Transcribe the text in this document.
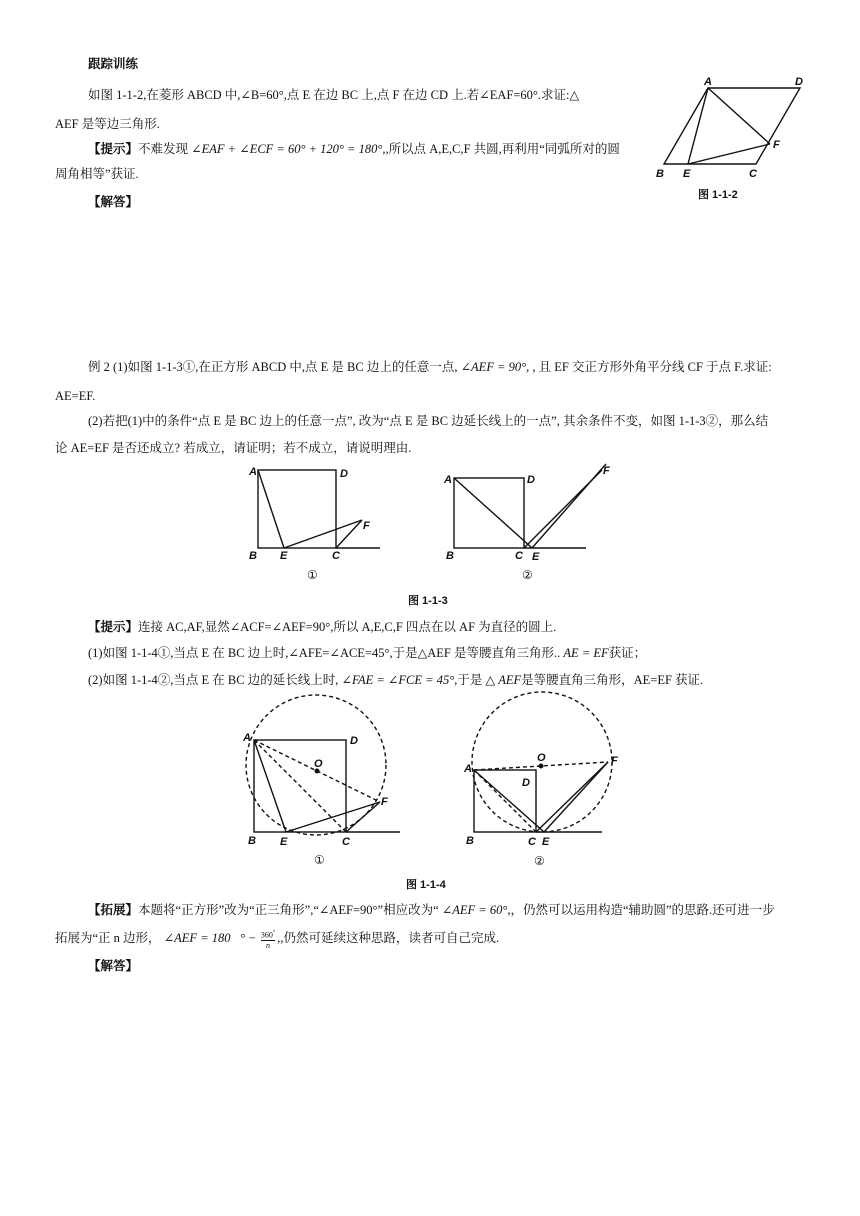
跟踪训练
如图 1-1-2,在菱形 ABCD 中,∠B=60°,点 E 在边 BC 上,点 F 在边 CD 上.若∠EAF=60°.求证:△
AEF 是等边三角形.
【提示】不难发现 ∠EAF + ∠ECF = 60° + 120° = 180°,,所以点 A,E,C,F 共圆,再利用“同弧所对的圆
周角相等”获证.
【解答】
A	D
B E	C
F
图 1-1-2
例 2 (1)如图 1-1-3①,在正方形 ABCD 中,点 E 是 BC 边上的任意一点, ∠AEF = 90°, , 且 EF 交正方形外角平分线 CF 于点 F.求证:
AE=EF.
(2)若把(1)中的条件“点 E 是 BC 边上的任意一点”, 改为“点 E 是 BC 边延长线上的一点”, 其余条件不变，如图 1-1-3②，那么结
论 AE=EF 是否还成立? 若成立，请证明；若不成立，请说明理由.
A	D
B E	C
F
①
A	D
B	C E
F
②
图 1-1-3
【提示】连接 AC,AF,显然∠ACF=∠AEF=90°,所以 A,E,C,F 四点在以 AF 为直径的圆上.
(1)如图 1-1-4①,当点 E 在 BC 边上时,∠AFE=∠ACE=45°,于是△AEF 是等腰直角三角形.. AE = EF获证；
(2)如图 1-1-4②,当点 E 在 BC 边的延长线上时, ∠FAE = ∠FCE = 45°,于是 △ AEF是等腰直角三角形，AE=EF 获证.
A	D
O
F
B E	C
①
A
D
O	F
B	C E
②
图 1-1-4
【拓展】本题将“正方形”改为“正三角形”,“∠AEF=90°”相应改为“ ∠AEF = 60°,，仍然可以运用构造“辅助圆”的思路.还可进一步
拓展为“正 n 边形， ∠AEF = 180 ° − $\frac{360^\circ}{n}$ ,,仍然可延续这种思路，读者可自己完成.
【解答】
